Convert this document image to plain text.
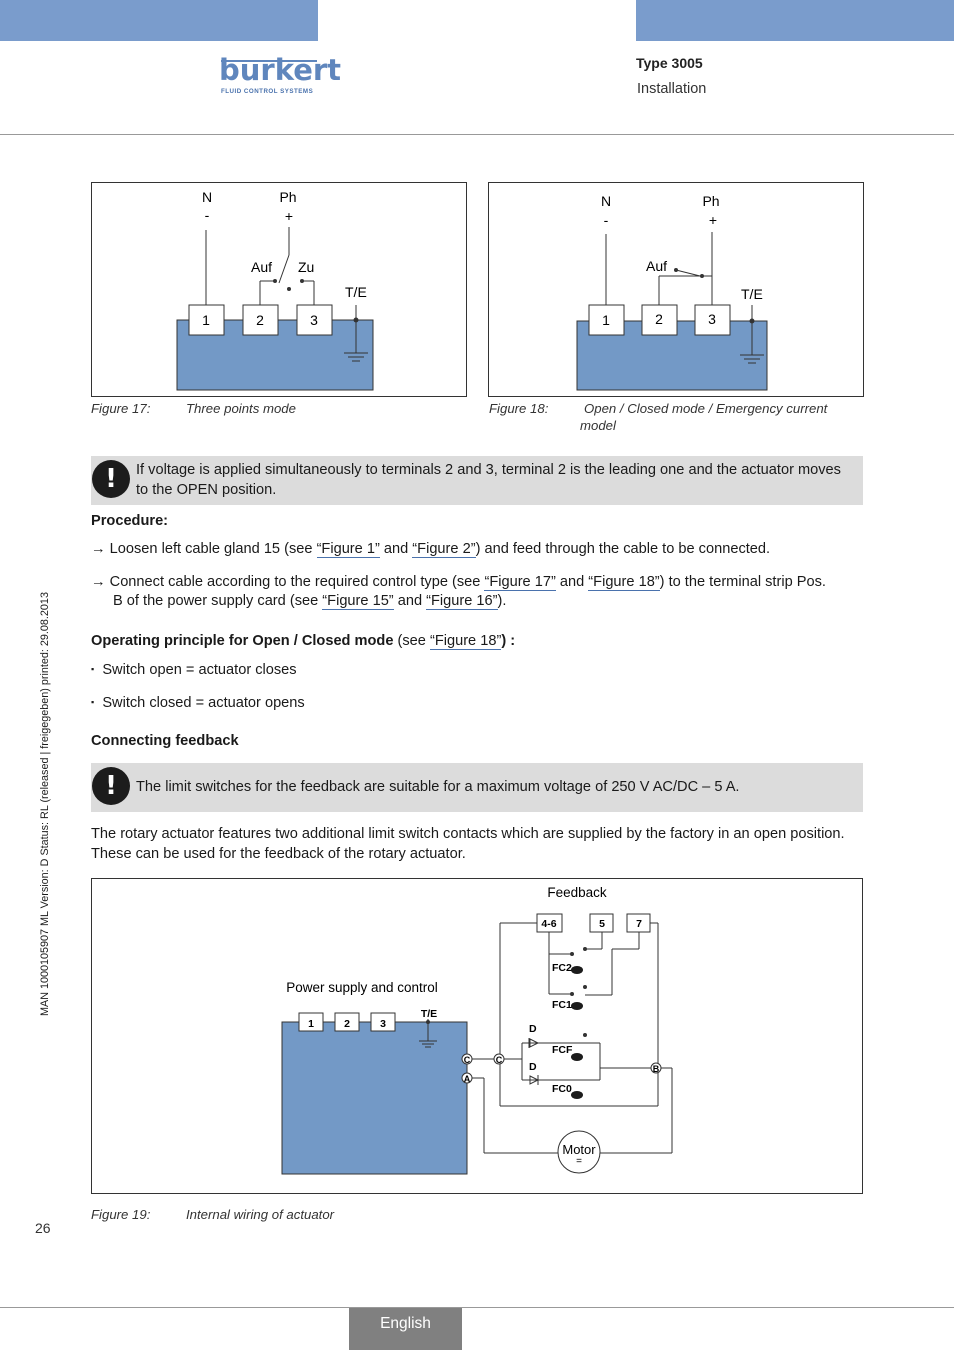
burkert
FLUID CONTROL SYSTEMS
Type 3005
Installation
MAN 1000105907 ML Version: D Status: RL (released | freigegeben) printed: 29.08.2013
1	2	3
N
-
Ph
+
Auf Zu
T/E
Figure 17:	Three points mode
1	2	3
N
-
Ph
+
Auf
T/E
Figure 18:	Open / Closed mode / Emergency current
model
!	If voltage is applied simultaneously to terminals 2 and 3, terminal 2 is the leading one and the actuator moves to the OPEN position.
Procedure:
→ Loosen left cable gland 15 (see “Figure 1” and “Figure 2”) and feed through the cable to be connected.
→ Connect cable according to the required control type (see “Figure 17” and “Figure 18”) to the terminal strip Pos.
B of the power supply card (see “Figure 15” and “Figure 16”).
Operating principle for Open / Closed mode (see “Figure 18”) :
▪ Switch open = actuator closes
▪ Switch closed = actuator opens
Connecting feedback
!	The limit switches for the feedback are suitable for a maximum voltage of 250 V AC/DC – 5 A.
The rotary actuator features two additional limit switch contacts which are supplied by the factory in an open position.
These can be used for the feedback of the rotary actuator.
1	2	3
T/E
Power supply and control
Feedback
4-6	5	7
FC2
FC1
FCF
FC0
D
D
C
A
C
B
Motor
=
Figure 19:	Internal wiring of actuator
26
English
